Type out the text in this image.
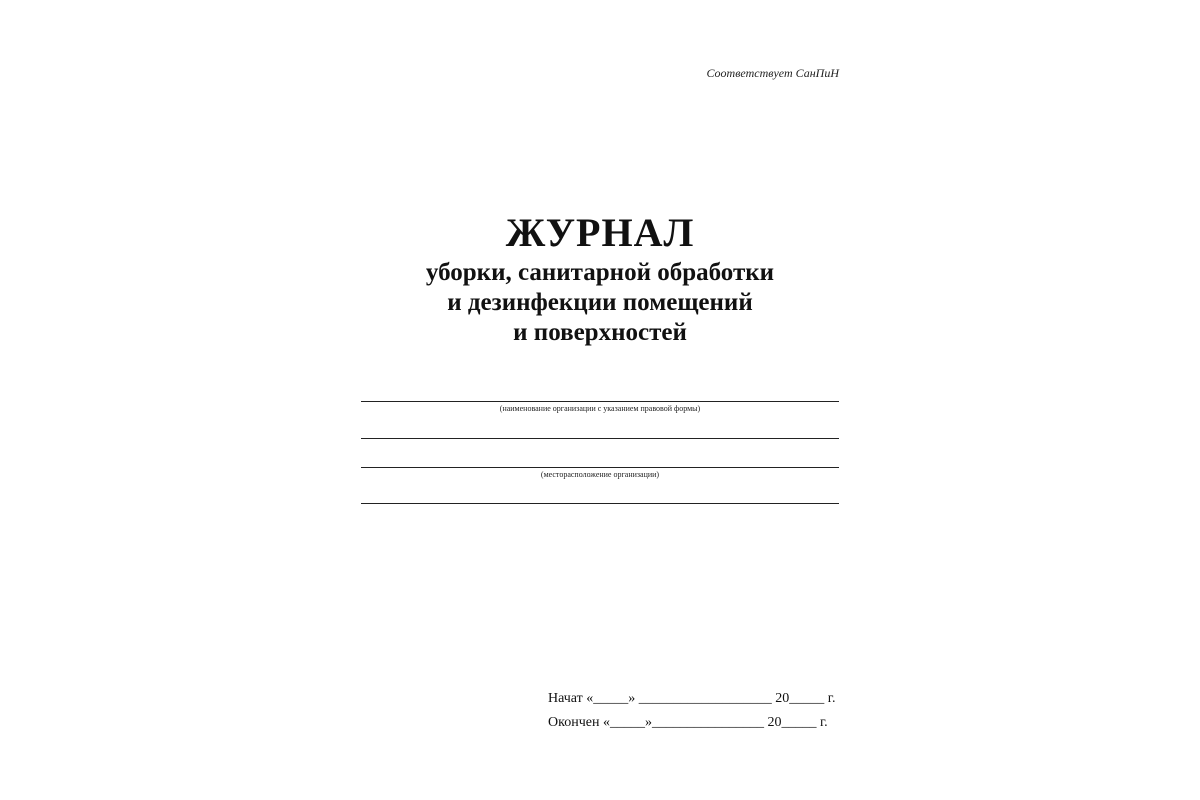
Соответствует СанПиН
ЖУРНАЛ
уборки, санитарной обработки
и дезинфекции помещений
и поверхностей
(наименование организации с указанием правовой формы)
(месторасположение организации)
Начат «_____» ___________________ 20_____ г.
Окончен «_____»________________ 20_____ г.
